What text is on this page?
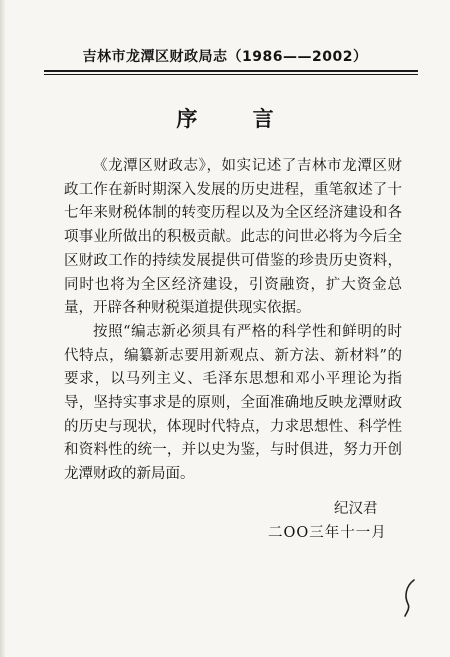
吉林市龙潭区财政局志（1986——2002）
序 言

《龙潭区财政志》，如实记述了吉林市龙潭区财政工作在新时期深入发展的历史进程，重笔叙述了十七年来财税体制的转变历程以及为全区经济建设和各项事业所做出的积极贡献。此志的问世必将为今后全区财政工作的持续发展提供可借鉴的珍贵历史资料，同时也将为全区经济建设，引资融资，扩大资金总量，开辟各种财税渠道提供现实依据。

按照“编志新必须具有严格的科学性和鲜明的时代特点，编纂新志要用新观点、新方法、新材料”的要求，以马列主义、毛泽东思想和邓小平理论为指导，坚持实事求是的原则，全面准确地反映龙潭财政的历史与现状，体现时代特点，力求思想性、科学性和资料性的统一，并以史为鉴，与时俱进，努力开创龙潭财政的新局面。

纪汉君
二OO三年十一月
